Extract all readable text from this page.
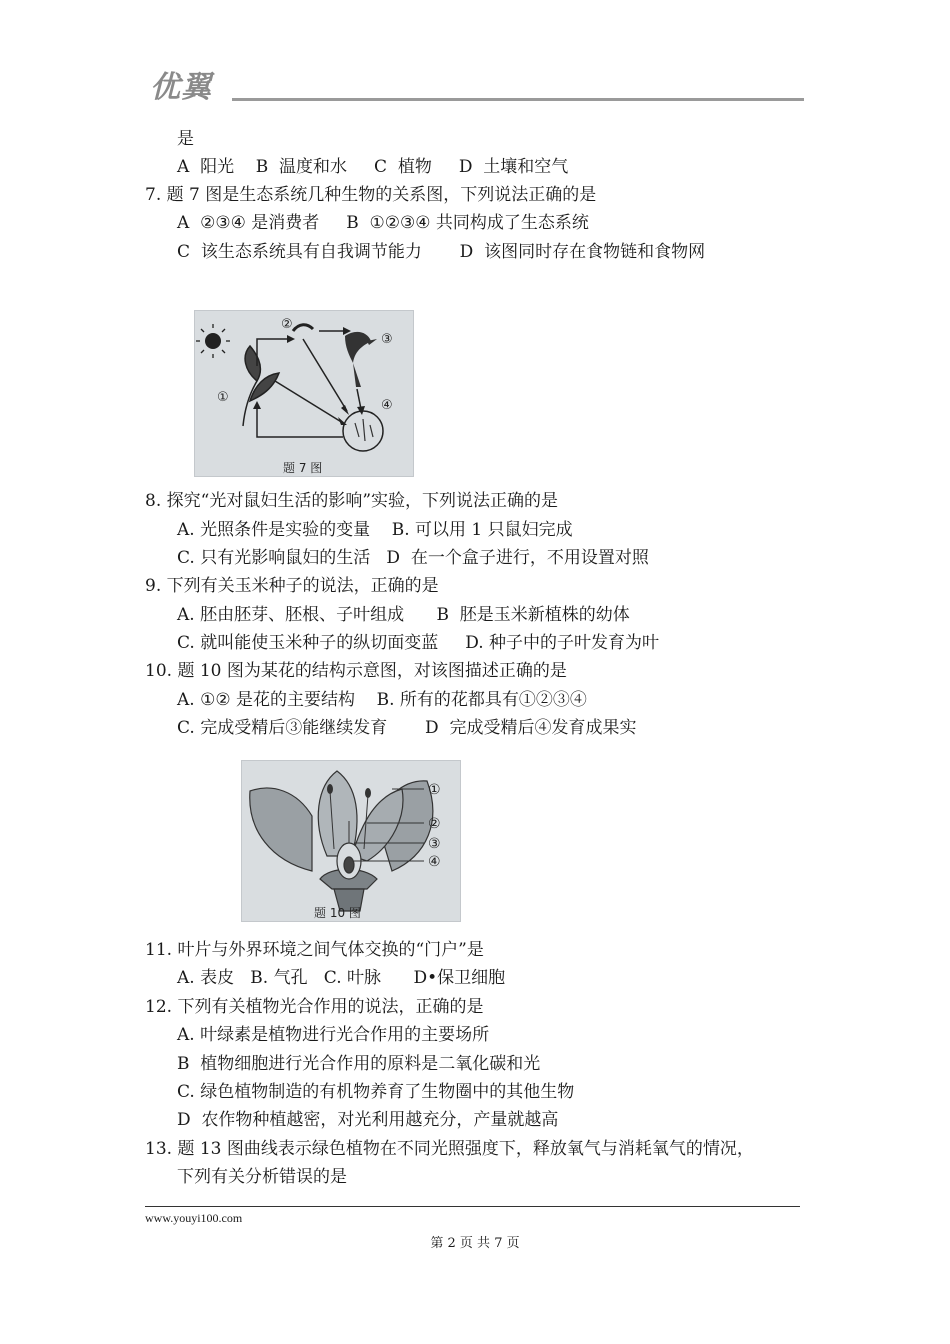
优翼
是
A  阳光    B  温度和水     C  植物     D  土壤和空气
7. 题 7 图是生态系统几种生物的关系图，下列说法正确的是
A  ②③④ 是消费者     B  ①②③④ 共同构成了生态系统
C  该生态系统具有自我调节能力       D  该图同时存在食物链和食物网
①
②
③
④
题 7 图
8. 探究“光对鼠妇生活的影响”实验，下列说法正确的是
A. 光照条件是实验的变量    B. 可以用 1 只鼠妇完成
C. 只有光影响鼠妇的生活   D  在一个盒子进行，不用设置对照
9. 下列有关玉米种子的说法，正确的是
A. 胚由胚芽、胚根、子叶组成      B  胚是玉米新植株的幼体
C. 就叫能使玉米种子的纵切面变蓝     D. 种子中的子叶发育为叶
10. 题 10 图为某花的结构示意图，对该图描述正确的是
A. ①② 是花的主要结构    B. 所有的花都具有①②③④
C. 完成受精后③能继续发育       D  完成受精后④发育成果实
①
②
③
④
题 10 图
11. 叶片与外界环境之间气体交换的“门户”是
A. 表皮   B. 气孔   C. 叶脉      D•保卫细胞
12. 下列有关植物光合作用的说法，正确的是
A. 叶绿素是植物进行光合作用的主要场所
B  植物细胞进行光合作用的原料是二氧化碳和光
C. 绿色植物制造的有机物养育了生物圈中的其他生物
D  农作物种植越密，对光利用越充分，产量就越高
13. 题 13 图曲线表示绿色植物在不同光照强度下，释放氧气与消耗氧气的情况，
下列有关分析错误的是
www.youyi100.com
第 2 页 共 7 页
